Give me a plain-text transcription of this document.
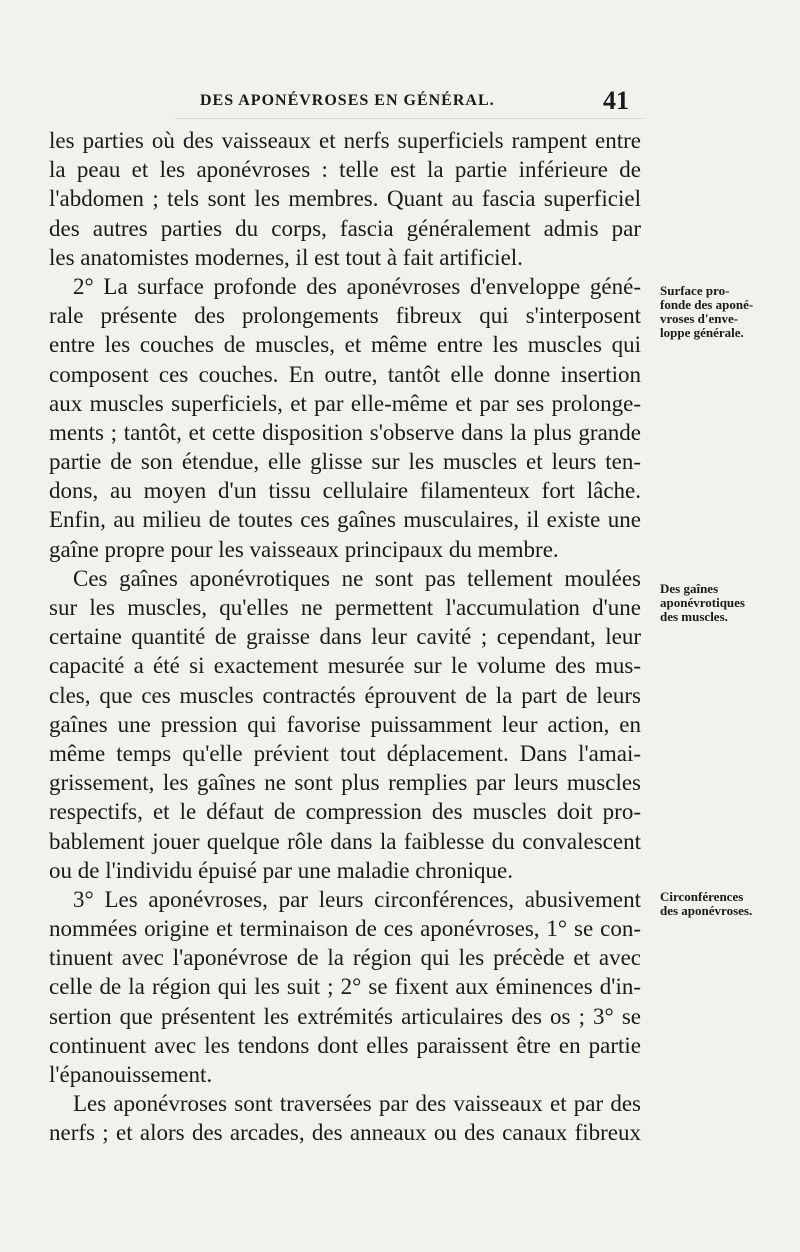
DES APONÉVROSES EN GÉNÉRAL.	41
les parties où des vaisseaux et nerfs superficiels rampent entre
la peau et les aponévroses : telle est la partie inférieure de
l'abdomen ; tels sont les membres. Quant au fascia superficiel
des autres parties du corps, fascia généralement admis par
les anatomistes modernes, il est tout à fait artificiel.
2° La surface profonde des aponévroses d'enveloppe géné-
rale présente des prolongements fibreux qui s'interposent
entre les couches de muscles, et même entre les muscles qui
composent ces couches. En outre, tantôt elle donne insertion
aux muscles superficiels, et par elle-même et par ses prolonge-
ments ; tantôt, et cette disposition s'observe dans la plus grande
partie de son étendue, elle glisse sur les muscles et leurs ten-
dons, au moyen d'un tissu cellulaire filamenteux fort lâche.
Enfin, au milieu de toutes ces gaînes musculaires, il existe une
gaîne propre pour les vaisseaux principaux du membre.
Ces gaînes aponévrotiques ne sont pas tellement moulées
sur les muscles, qu'elles ne permettent l'accumulation d'une
certaine quantité de graisse dans leur cavité ; cependant, leur
capacité a été si exactement mesurée sur le volume des mus-
cles, que ces muscles contractés éprouvent de la part de leurs
gaînes une pression qui favorise puissamment leur action, en
même temps qu'elle prévient tout déplacement. Dans l'amai-
grissement, les gaînes ne sont plus remplies par leurs muscles
respectifs, et le défaut de compression des muscles doit pro-
bablement jouer quelque rôle dans la faiblesse du convalescent
ou de l'individu épuisé par une maladie chronique.
3° Les aponévroses, par leurs circonférences, abusivement
nommées origine et terminaison de ces aponévroses, 1° se con-
tinuent avec l'aponévrose de la région qui les précède et avec
celle de la région qui les suit ; 2° se fixent aux éminences d'in-
sertion que présentent les extrémités articulaires des os ; 3° se
continuent avec les tendons dont elles paraissent être en partie
l'épanouissement.
Les aponévroses sont traversées par des vaisseaux et par des
nerfs ; et alors des arcades, des anneaux ou des canaux fibreux
Surface pro-
fonde des aponé-
vroses d'enve-
loppe générale.
Des gaînes
aponévrotiques
des muscles.
Circonférences
des aponévroses.
